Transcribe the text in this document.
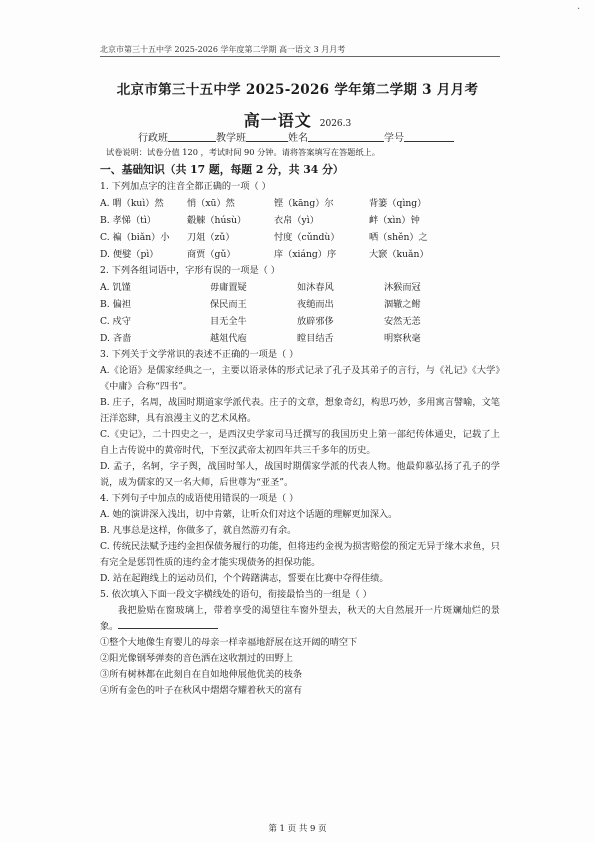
·
北京市第三十五中学 2025-2026 学年度第二学期 高一语文 3 月月考
北京市第三十五中学 2025-2026 学年第二学期 3 月月考
高一语文 2026.3
行政班	教学班	姓名	学号
试卷说明：试卷分值 120 ，考试时间 90 分钟。请将答案填写在答题纸上。
一、基础知识（共 17 题，每题 2 分，共 34 分）
1. 下列加点字的注音全都正确的一项（ ）
A. 喟（kuì）然	悄（xū）然	铿（kāng）尔	背篓（qìng）
B. 孝悌（tì）	觳觫（húsù）	衣帛（yì）	衅（xìn）钟
C. 褊（biǎn）小	刀俎（zǔ）	忖度（cǔndù）	哂（shěn）之
D. 便嬖（pì）	商贾（gǔ）	庠（xiáng）序	大窾（kuǎn）
2. 下列各组词语中，字形有误的一项是（ ）
A. 饥馑	毋庸置疑	如沐春风	沐猴而冠
B. 偏袒	保民而王	夜缒而出	涸辙之鲋
C. 戍守	目无全牛	放辟邪侈	安然无恙
D. 吝啬	越俎代庖	瞠目结舌	明察秋毫
3. 下列关于文学常识的表述不正确的一项是（ ）
A.《论语》是儒家经典之一，主要以语录体的形式记录了孔子及其弟子的言行，与《礼记》《大学》《中庸》合称“四书”。
B. 庄子，名周，战国时期道家学派代表。庄子的文章，想象奇幻，构思巧妙，多用寓言譬喻，文笔汪洋恣肆，具有浪漫主义的艺术风格。
C.《史记》，二十四史之一，是西汉史学家司马迁撰写的我国历史上第一部纪传体通史，记载了上自上古传说中的黄帝时代，下至汉武帝太初四年共三千多年的历史。
D. 孟子，名轲，字子舆，战国时邹人，战国时期儒家学派的代表人物。他最仰慕弘扬了孔子的学说，成为儒家的又一名大师，后世尊为“亚圣”。
4. 下列句子中加点的成语使用错误的一项是（ ）
A. 她的演讲深入浅出，切中肯綮，让听众们对这个话题的理解更加深入。
B. 凡事总是这样，你做多了，就自然游刃有余。
C. 传统民法赋予违约金担保债务履行的功能，但将违约金视为损害赔偿的预定无异于缘木求鱼，只有完全是惩罚性质的违约金才能实现债务的担保功能。
D. 站在起跑线上的运动员们，个个踌躇满志，誓要在比赛中夺得佳绩。
5. 依次填入下面一段文字横线处的语句，衔接最恰当的一组是（ ）
我把脸贴在窗玻璃上，带着享受的渴望往车窗外望去，秋天的大自然展开一片斑斓灿烂的景象。
①整个大地像生育婴儿的母亲一样幸福地舒展在这开阔的晴空下
②阳光像钢琴弹奏的音色洒在这收割过的田野上
③所有树林都在此刻自在自如地伸展他优美的枝条
④所有金色的叶子在秋风中熠熠夺耀着秋天的富有
第 1 页 共 9 页
